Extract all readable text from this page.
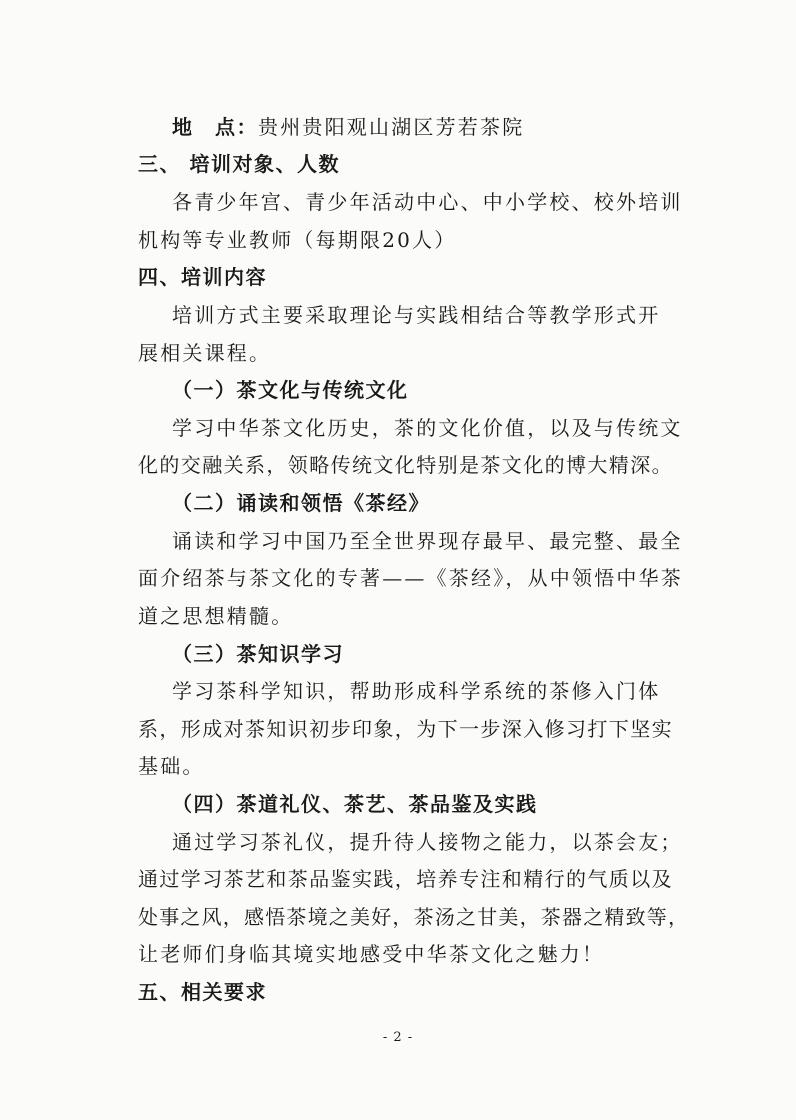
地　点：贵州贵阳观山湖区芳若茶院
三、 培训对象、人数
各青少年宫、青少年活动中心、中小学校、校外培训
机构等专业教师（每期限20人）
四、培训内容
培训方式主要采取理论与实践相结合等教学形式开
展相关课程。
（一）茶文化与传统文化
学习中华茶文化历史，茶的文化价值，以及与传统文
化的交融关系，领略传统文化特别是茶文化的博大精深。
（二）诵读和领悟《茶经》
诵读和学习中国乃至全世界现存最早、最完整、最全
面介绍茶与茶文化的专著——《茶经》，从中领悟中华茶
道之思想精髓。
（三）茶知识学习
学习茶科学知识，帮助形成科学系统的茶修入门体
系，形成对茶知识初步印象，为下一步深入修习打下坚实
基础。
（四）茶道礼仪、茶艺、茶品鉴及实践
通过学习茶礼仪，提升待人接物之能力，以茶会友；
通过学习茶艺和茶品鉴实践，培养专注和精行的气质以及
处事之风，感悟茶境之美好，茶汤之甘美，茶器之精致等，
让老师们身临其境实地感受中华茶文化之魅力！
五、相关要求
- 2 -
